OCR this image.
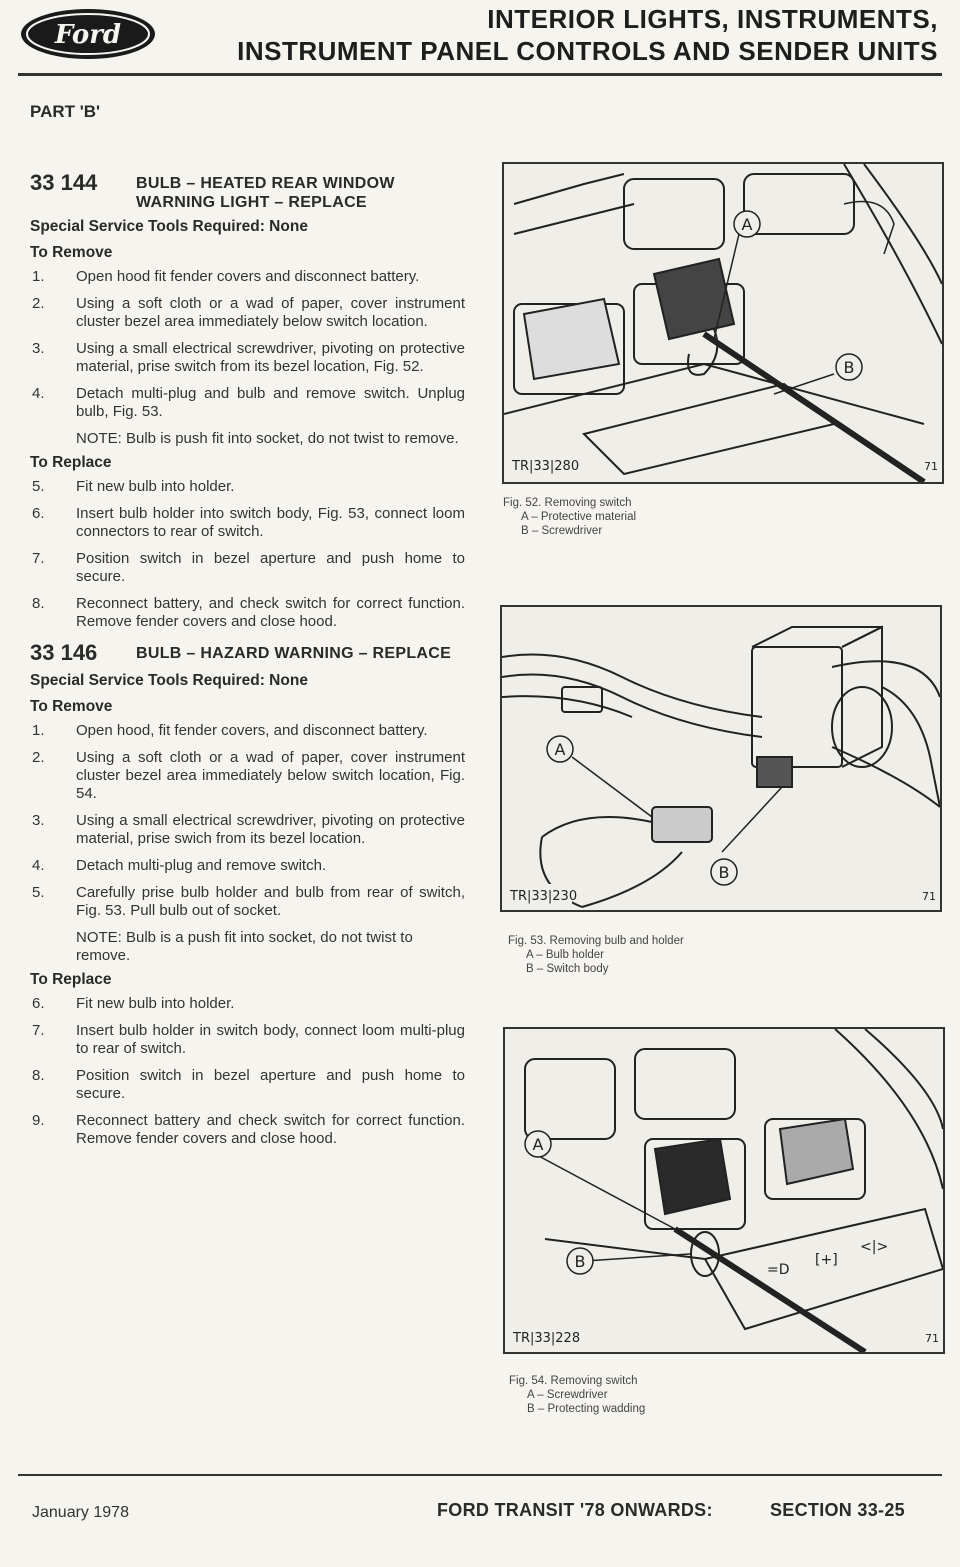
Ford
INTERIOR LIGHTS, INSTRUMENTS,
INSTRUMENT PANEL CONTROLS AND SENDER UNITS
PART 'B'
33 144	BULB – HEATED REAR WINDOW WARNING LIGHT – REPLACE
Special Service Tools Required: None
To Remove
1.	Open hood fit fender covers and disconnect battery.
2.	Using a soft cloth or a wad of paper, cover instrument cluster bezel area immediately below switch location.
3.	Using a small electrical screwdriver, pivoting on protective material, prise switch from its bezel location, Fig. 52.
4.	Detach multi-plug and bulb and remove switch. Unplug bulb, Fig. 53.
NOTE: Bulb is push fit into socket, do not twist to remove.
To Replace
5.	Fit new bulb into holder.
6.	Insert bulb holder into switch body, Fig. 53, connect loom connectors to rear of switch.
7.	Position switch in bezel aperture and push home to secure.
8.	Reconnect battery, and check switch for correct function. Remove fender covers and close hood.
33 146	BULB – HAZARD WARNING – REPLACE
Special Service Tools Required: None
To Remove
1.	Open hood, fit fender covers, and disconnect battery.
2.	Using a soft cloth or a wad of paper, cover instrument cluster bezel area immediately below switch location, Fig. 54.
3.	Using a small electrical screwdriver, pivoting on protective material, prise swich from its bezel location.
4.	Detach multi-plug and remove switch.
5.	Carefully prise bulb holder and bulb from rear of switch, Fig. 53. Pull bulb out of socket.
NOTE: Bulb is a push fit into socket, do not twist to remove.
To Replace
6.	Fit new bulb into holder.
7.	Insert bulb holder in switch body, connect loom multi-plug to rear of switch.
8.	Position switch in bezel aperture and push home to secure.
9.	Reconnect battery and check switch for correct function. Remove fender covers and close hood.
A
B
TR|33|280	71
Fig. 52. Removing switch
A – Protective material
B – Screwdriver
A
B
TR|33|230	71
Fig. 53. Removing bulb and holder
A – Bulb holder
B – Switch body
=D
[+]
<|>
A
B
TR|33|228	71
Fig. 54. Removing switch
A – Screwdriver
B – Protecting wadding
January 1978	FORD TRANSIT '78 ONWARDS:	SECTION 33-25
